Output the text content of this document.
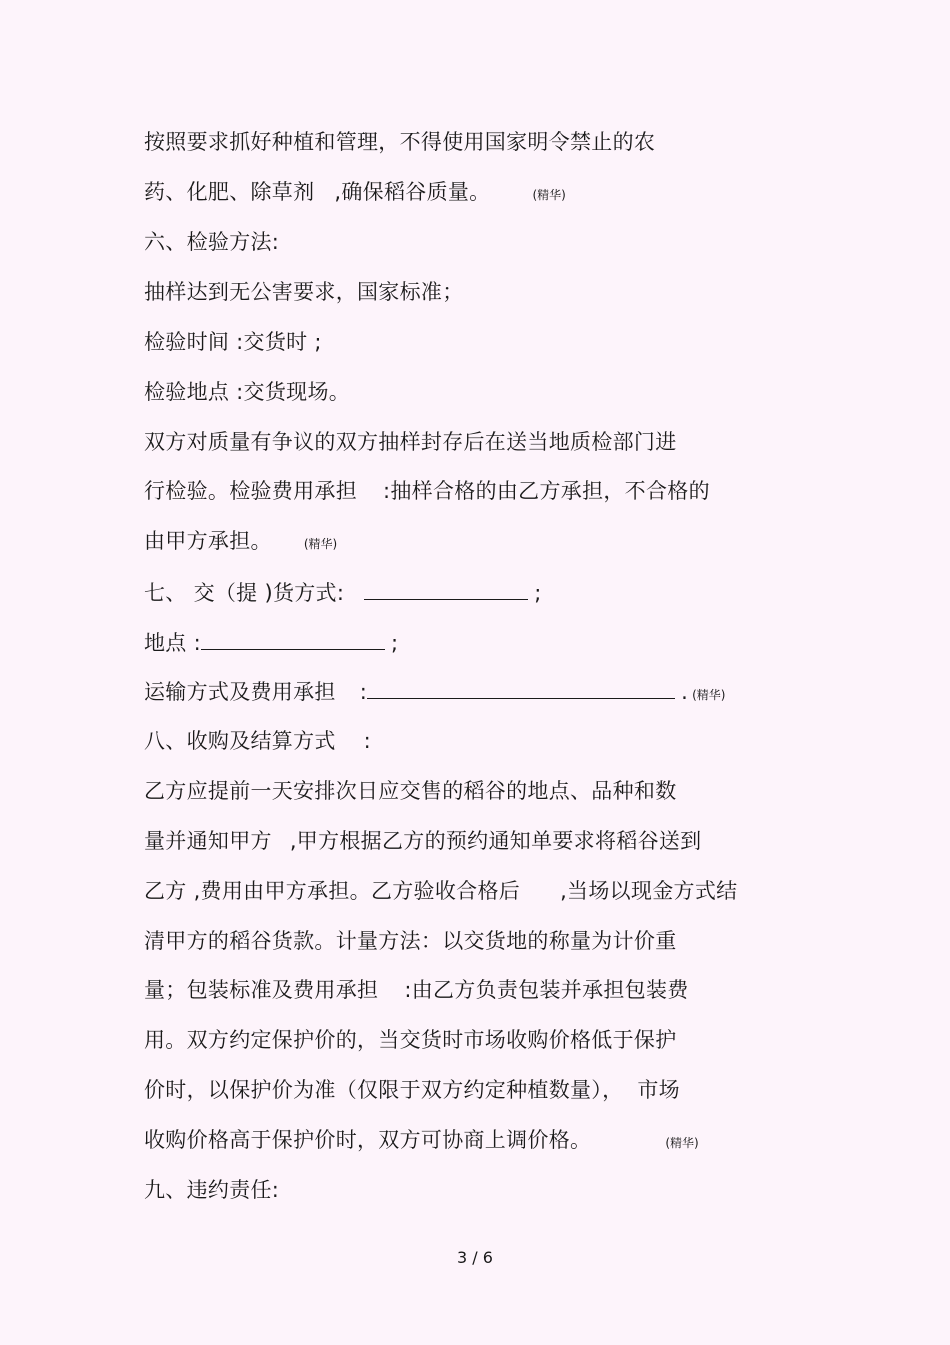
按照要求抓好种植和管理，不得使用国家明令禁止的农
药、化肥、除草剂 ,确保稻谷质量。	(精华)
六、检验方法:
抽样达到无公害要求，国家标准；
检验时间 :交货时 ;
检验地点 :交货现场。
双方对质量有争议的双方抽样封存后在送当地质检部门进
行检验。检验费用承担 :抽样合格的由乙方承担，不合格的
由甲方承担。	(精华)
七、 交（提 )货方式:	;
地点 :	;
运输方式及费用承担 :	. (精华)
八、收购及结算方式    :
乙方应提前一天安排次日应交售的稻谷的地点、品种和数
量并通知甲方 ,甲方根据乙方的预约通知单要求将稻谷送到
乙方 ,费用由甲方承担。乙方验收合格后 ,当场以现金方式结
清甲方的稻谷货款。计量方法：以交货地的称量为计价重
量；包装标准及费用承担 :由乙方负责包装并承担包装费
用。双方约定保护价的，当交货时市场收购价格低于保护
价时，以保护价为准（仅限于双方约定种植数量），  市场
收购价格高于保护价时，双方可协商上调价格。	(精华)
九、违约责任:
3 / 6
